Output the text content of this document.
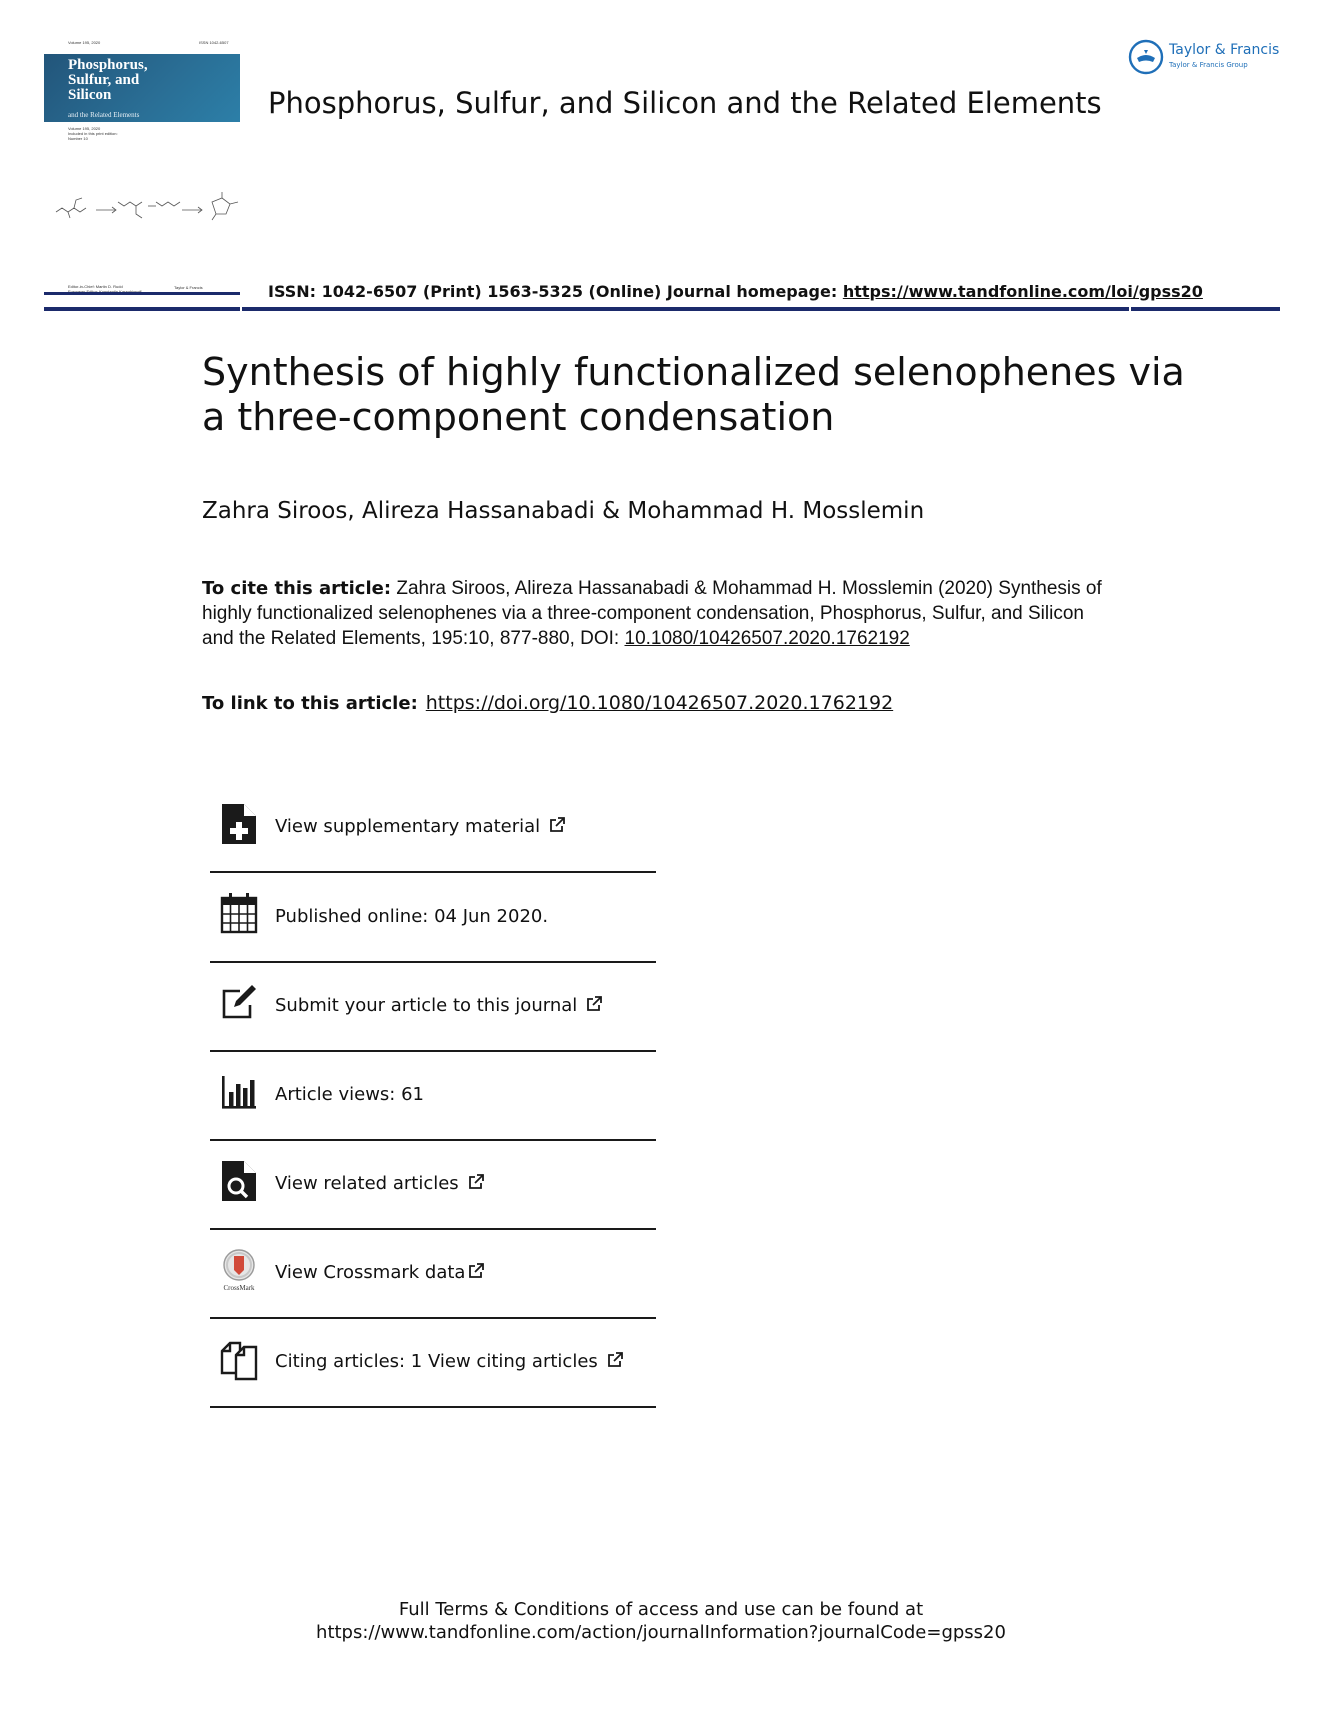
Volume 195, 2020	ISSN 1042-6507
Phosphorus,
Sulfur, and
Silicon
and the Related Elements
Volume 195, 2020
Included in this print edition:
Number 10
Editor-in-Chief: Martin D. Rudd	Taylor & Francis
Phosphorus, Sulfur, and Silicon and the Related Elements
Taylor & Francis
Taylor & Francis Group
ISSN: 1042-6507 (Print) 1563-5325 (Online) Journal homepage: https://www.tandfonline.com/loi/gpss20
Synthesis of highly functionalized selenophenes via a three-component condensation
Zahra Siroos, Alireza Hassanabadi & Mohammad H. Mosslemin
To cite this article: Zahra Siroos, Alireza Hassanabadi & Mohammad H. Mosslemin (2020) Synthesis of highly functionalized selenophenes via a three-component condensation, Phosphorus, Sulfur, and Silicon and the Related Elements, 195:10, 877-880, DOI: 10.1080/10426507.2020.1762192
To link to this article: https://doi.org/10.1080/10426507.2020.1762192
View supplementary material
Published online: 04 Jun 2020.
Submit your article to this journal
Article views: 61
View related articles
CrossMark
View Crossmark data
Citing articles: 1 View citing articles
Full Terms & Conditions of access and use can be found at
https://www.tandfonline.com/action/journalInformation?journalCode=gpss20
